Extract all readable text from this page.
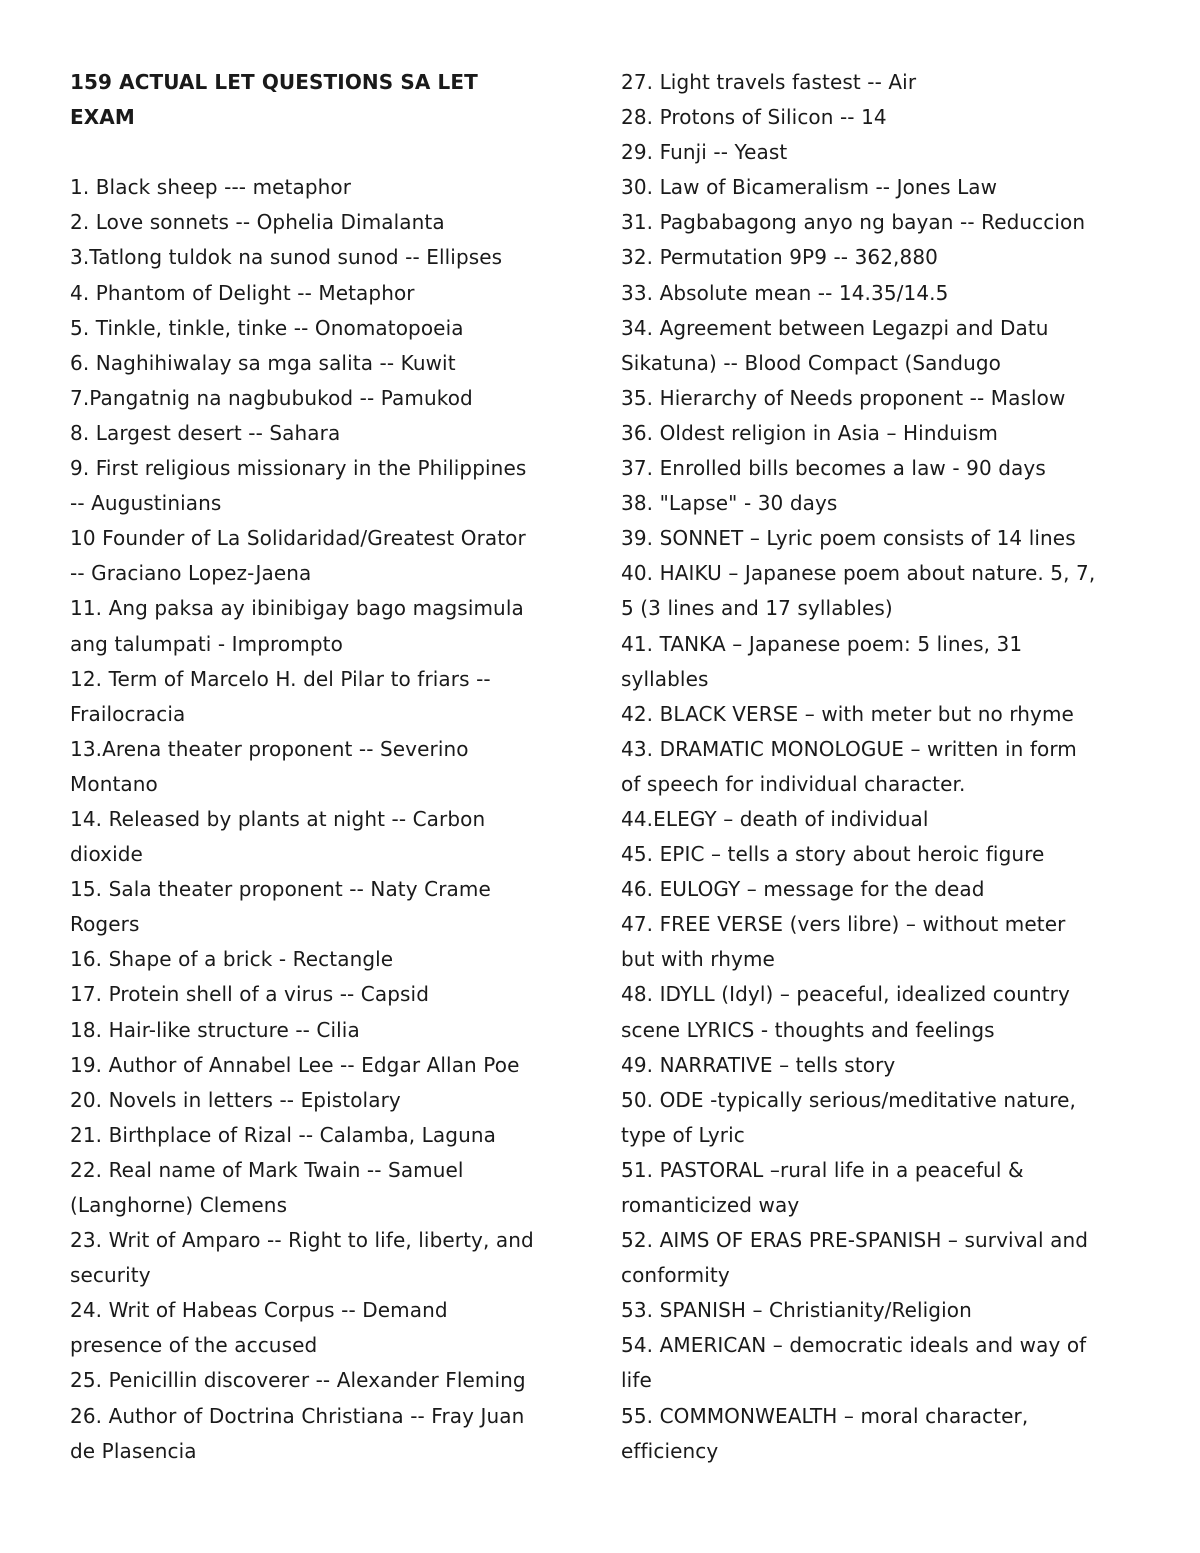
159 ACTUAL LET QUESTIONS SA LET
EXAM
1. Black sheep --- metaphor
2. Love sonnets -- Ophelia Dimalanta
3.Tatlong tuldok na sunod sunod -- Ellipses
4. Phantom of Delight -- Metaphor
5. Tinkle, tinkle, tinke -- Onomatopoeia
6. Naghihiwalay sa mga salita -- Kuwit
7.Pangatnig na nagbubukod -- Pamukod
8. Largest desert -- Sahara
9. First religious missionary in the Philippines
-- Augustinians
10 Founder of La Solidaridad/Greatest Orator
-- Graciano Lopez-Jaena
11. Ang paksa ay ibinibigay bago magsimula
ang talumpati - Impromptо
12. Term of Marcelo H. del Pilar to friars --
Frailocracia
13.Arena theater proponent -- Severino
Montano
14. Released by plants at night -- Carbon
dioxide
15. Sala theater proponent -- Naty Crame
Rogers
16. Shape of a brick - Rectangle
17. Protein shell of a virus -- Capsid
18. Hair-like structure -- Cilia
19. Author of Annabel Lee -- Edgar Allan Poe
20. Novels in letters -- Epistolary
21. Birthplace of Rizal -- Calamba, Laguna
22. Real name of Mark Twain -- Samuel
(Langhorne) Clemens
23. Writ of Amparo -- Right to life, liberty, and
security
24. Writ of Habeas Corpus -- Demand
presence of the accused
25. Penicillin discoverer -- Alexander Fleming
26. Author of Doctrina Christiana -- Fray Juan
de Plasencia
27. Light travels fastest -- Air
28. Protons of Silicon -- 14
29. Funji -- Yeast
30. Law of Bicameralism -- Jones Law
31. Pagbabagong anyo ng bayan -- Reduccion
32. Permutation 9P9 -- 362,880
33. Absolute mean -- 14.35/14.5
34. Agreement between Legazpi and Datu
Sikatuna) -- Blood Compact (Sandugo
35. Hierarchy of Needs proponent -- Maslow
36. Oldest religion in Asia – Hinduism
37. Enrolled bills becomes a law - 90 days
38. "Lapse" - 30 days
39. SONNET – Lyric poem consists of 14 lines
40. HAIKU – Japanese poem about nature. 5, 7,
5 (3 lines and 17 syllables)
41. TANKA – Japanese poem: 5 lines, 31
syllables
42. BLACK VERSE – with meter but no rhyme
43. DRAMATIC MONOLOGUE – written in form
of speech for individual character.
44.ELEGY – death of individual
45. EPIC – tells a story about heroic figure
46. EULOGY – message for the dead
47. FREE VERSE (vers libre) – without meter
but with rhyme
48. IDYLL (Idyl) – peaceful, idealized country
scene LYRICS - thoughts and feelings
49. NARRATIVE – tells story
50. ODE -typically serious/meditative nature,
type of Lyric
51. PASTORAL –rural life in a peaceful &
romanticized way
52. AIMS OF ERAS PRE-SPANISH – survival and
conformity
53. SPANISH – Christianity/Religion
54. AMERICAN – democratic ideals and way of
life
55. COMMONWEALTH – moral character,
efficiency
